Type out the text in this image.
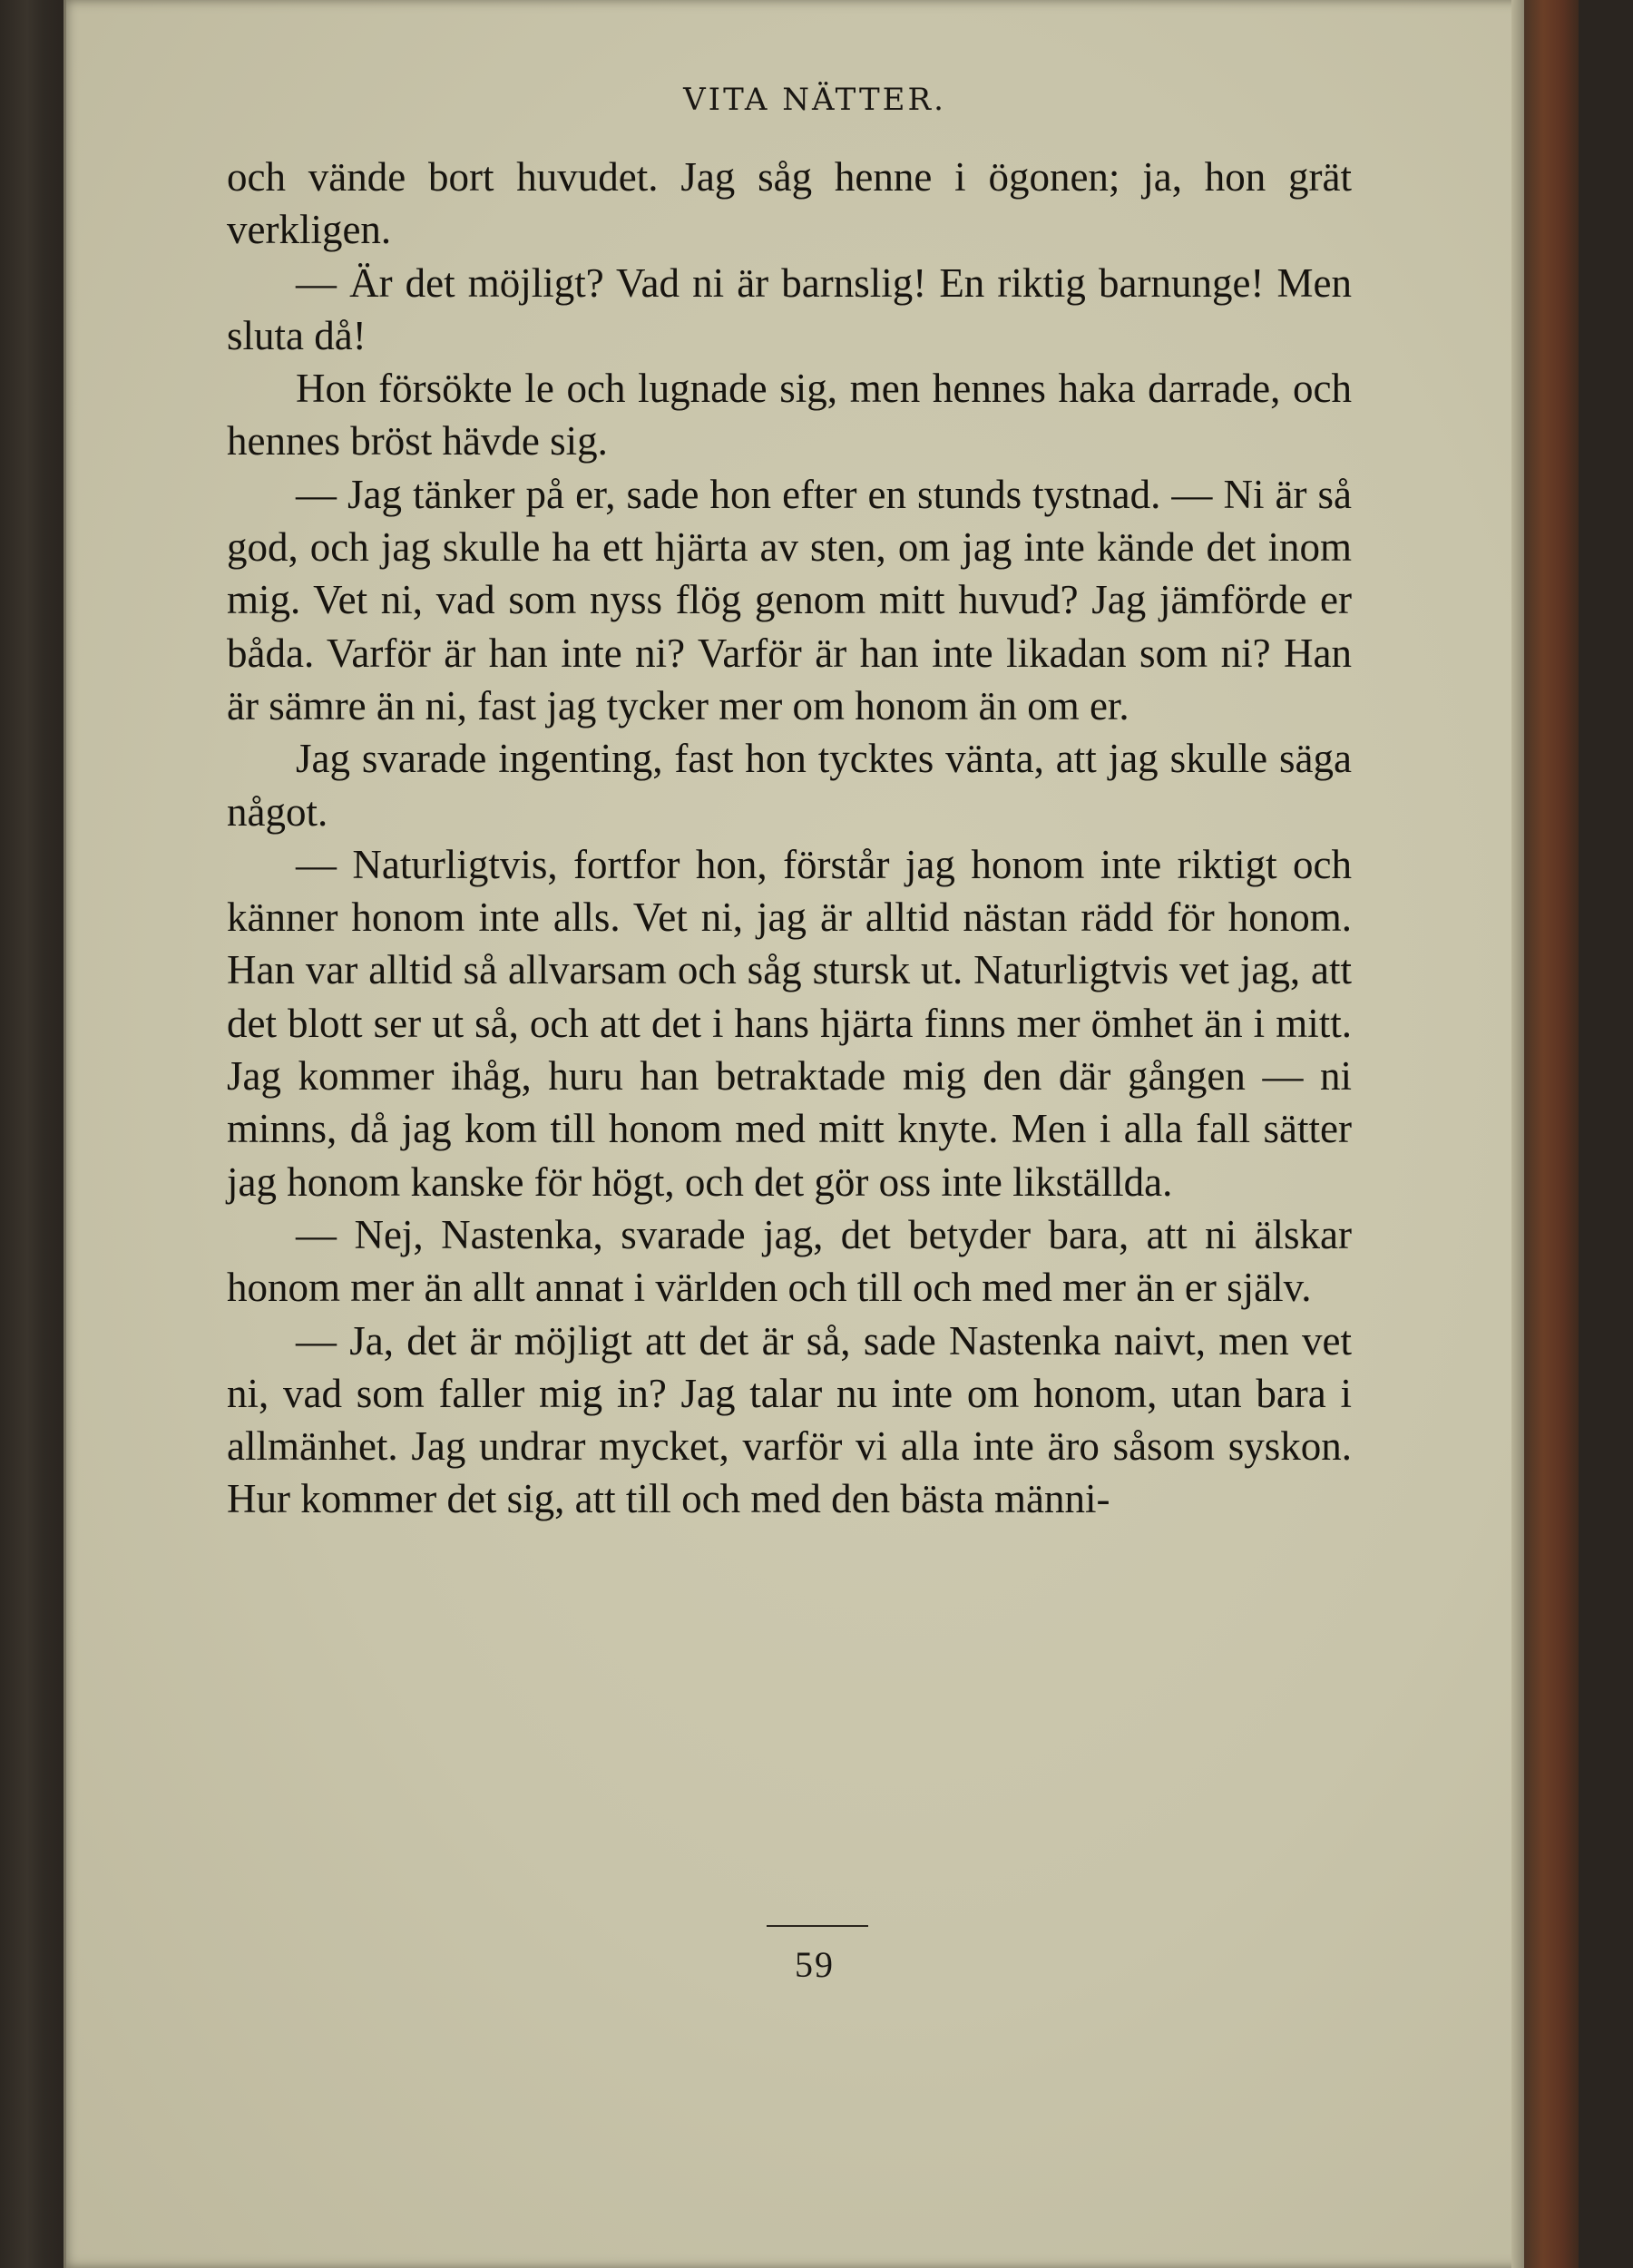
VITA NÄTTER.

och vände bort huvudet. Jag såg henne i ögonen; ja, hon grät verkligen.

— Är det möjligt? Vad ni är barnslig! En riktig barnunge! Men sluta då!

Hon försökte le och lugnade sig, men hennes haka darrade, och hennes bröst hävde sig.

— Jag tänker på er, sade hon efter en stunds tystnad. — Ni är så god, och jag skulle ha ett hjärta av sten, om jag inte kände det inom mig. Vet ni, vad som nyss flög genom mitt huvud? Jag jämförde er båda. Varför är han inte ni? Varför är han inte likadan som ni? Han är sämre än ni, fast jag tycker mer om honom än om er.

Jag svarade ingenting, fast hon tycktes vänta, att jag skulle säga något.

— Naturligtvis, fortfor hon, förstår jag honom inte riktigt och känner honom inte alls. Vet ni, jag är alltid nästan rädd för honom. Han var alltid så allvarsam och såg stursk ut. Naturligtvis vet jag, att det blott ser ut så, och att det i hans hjärta finns mer ömhet än i mitt. Jag kommer ihåg, huru han betraktade mig den där gången — ni minns, då jag kom till honom med mitt knyte. Men i alla fall sätter jag honom kanske för högt, och det gör oss inte likställda.

— Nej, Nastenka, svarade jag, det betyder bara, att ni älskar honom mer än allt annat i världen och till och med mer än er själv.

— Ja, det är möjligt att det är så, sade Nastenka naivt, men vet ni, vad som faller mig in? Jag talar nu inte om honom, utan bara i allmänhet. Jag undrar mycket, varför vi alla inte äro såsom syskon. Hur kommer det sig, att till och med den bästa männi-

59
